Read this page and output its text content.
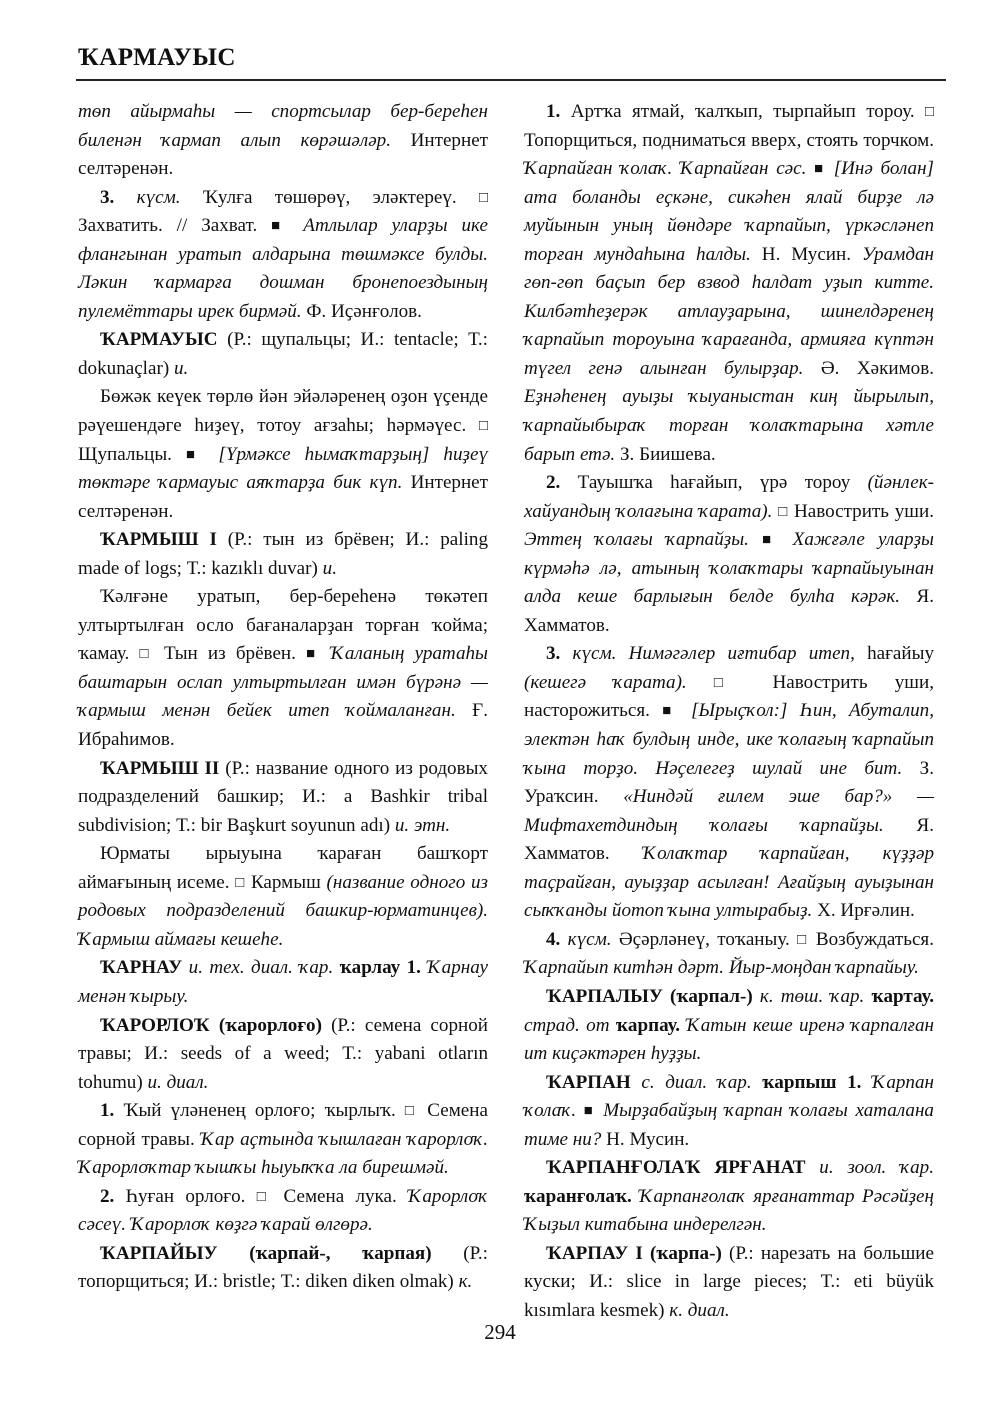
ҠАРМАУЫС

тѳп айырмаһы — спортсылар бер-береһен биленән ҡармап алып көрәшәләр. Интернет селтәренән.

3. күсм. Ҡулға төшөрөү, эләктереү. □ Захватить. // Захват. ■ Атлылар уларҙы ике флангынан уратып алдарына төшмәксе булды. Ләкин ҡармарға дошман бронепоездының пулемёттары ирек бирмәй. Ф. Иҫәнғолов.

ҠАРМАУЫС (Р.: щупальцы; И.: tentacle; Т.: dokunaçlar) и.

Бөжәк кеүек төрлө йән эйәләренең оҙон үҫенде рәүешендәге һиҙеү, тотоу ағзаһы; һәрмәүес. □ Щупальцы. ■ [Үрмәксе һымаҡтарҙың] һиҙеү төктәре ҡармауыс аяҡтарҙа бик күп. Интернет селтәренән.

ҠАРМЫШ I (Р.: тын из брёвен; И.: paling made of logs; Т.: kazıklı duvar) и.

Ҡәлғәне уратып, бер-береһенә төкәтеп ултыртылған осло бағаналарҙан торған ҡойма; ҡамау. □ Тын из брёвен. ■ Ҡаланың уратаһы баштарын ослап ултыртылған имән бүрәнә — ҡармыш менән бейек итеп ҡоймаланған. Ғ. Ибраһимов.

ҠАРМЫШ II (Р.: название одного из родовых подразделений башкир; И.: a Bashkir tribal subdivision; Т.: bir Başkurt soyunun adı) и. этн.

Юрматы ырыуына ҡараған башҡорт аймағының исеме. □ Кармыш (название одного из родовых подразделений башкир-юрматинцев). Ҡармыш аймағы кешеһе.

ҠАРНАУ и. тех. диал. ҡар. ҡарлау 1. Ҡарнау менән ҡырыу.

ҠАРОРЛОҠ (ҡарорлоғо) (Р.: семена сорной травы; И.: seeds of a weed; Т.: yabani otların tohumu) и. диал.

1. Ҡый үләненең орлоғо; ҡырлыҡ. □ Семена сорной травы. Ҡар аҫтында ҡышлаған ҡарорлоҡ. Ҡарорлоҡтар ҡышҡы һыуыҡҡа ла бирешмәй.

2. Һуған орлоғо. □ Семена лука. Ҡарорлоҡ сәсеү. Ҡарорлоҡ көҙгә ҡарай өлгөрә.

ҠАРПАЙЫУ (ҡарпай-, ҡарпая) (Р.: топорщиться; И.: bristle; Т.: diken diken olmak) к.

1. Артҡа ятмай, ҡалҡып, тырпайып тороу. □ Топорщиться, подниматься вверх, стоять торчком. Ҡарпайған ҡолаҡ. Ҡарпайған сәс. ■ [Инә болан] ата боланды еҫкәне, сикәһен ялай бирҙе лә муйынын уның йөндәре ҡарпайып, үркәсләнеп торған мундаһына һалды. Н. Мусин. Урамдан гөп-гөп баҫып бер взвод һалдат уҙып китте. Килбәтһеҙерәк атлауҙарына, шинелдәренең ҡарпайып тороуына ҡарағанда, армияға күптән түгел генә алынған булырҙар. Ә. Хәкимов. Еҙнәһенең ауыҙы ҡыуаныстан киң йырылып, ҡарпайыбыраҡ торған ҡолаҡтарына хәтле барып етә. З. Биишева.

2. Тауышҡа һағайып, үрә тороу (йәнлек-хайуандың ҡолағына ҡарата). □ Навострить уши. Эттең ҡолағы ҡарпайҙы. ■ Хажғәле уларҙы күрмәһә лә, атының ҡолаҡтары ҡарпайыуынан алда кеше барлығын белде булһа кәрәк. Я. Хамматов.

3. күсм. Нимәгәлер иғтибар итеп, һағайыу (кешегә ҡарата). □ Навострить уши, насторожиться. ■ [Ырыҫҡол:] Һин, Абуталип, электән һаҡ булдың инде, ике ҡолағың ҡарпайып ҡына торҙо. Нәҫелегеҙ шулай ине бит. З. Ураҡсин. «Ниндәй ғилем эше бар?» — Мифтахетдиндың ҡолағы ҡарпайҙы. Я. Хамматов. Ҡолаҡтар ҡарпайған, күҙҙәр таҫрайған, ауыҙҙар асылған! Ағайҙың ауыҙынан сыҡҡанды йотоп ҡына ултырабыҙ. Х. Ирғәлин.

4. күсм. Әҫәрләнеү, тоҡаныу. □ Возбуждаться. Ҡарпайып китһән дәрт. Йыр-моңдан ҡарпайыу.

ҠАРПАЛЫУ (ҡарпал-) к. төш. ҡар. ҡартау. страд. от ҡарпау. Ҡатын кеше иренә ҡарпалған ит киҫәктәрен һуҙҙы.

ҠАРПАН с. диал. ҡар. ҡарпыш 1. Ҡарпан ҡолаҡ. ■ Мырҙабайҙың ҡарпан ҡолағы хаталана тиме ни? Н. Мусин.

ҠАРПАНҒОЛАҠ ЯРҒАНАТ и. зоол. ҡар. ҡаранғолаҡ. Ҡарпанғолаҡ ярғанаттар Рәсәйҙең Ҡыҙыл китабына индерелгән.

ҠАРПАУ I (ҡарпа-) (Р.: нарезать на большие куски; И.: slice in large pieces; Т.: eti büyük kısımlara kesmek) к. диал.

294
